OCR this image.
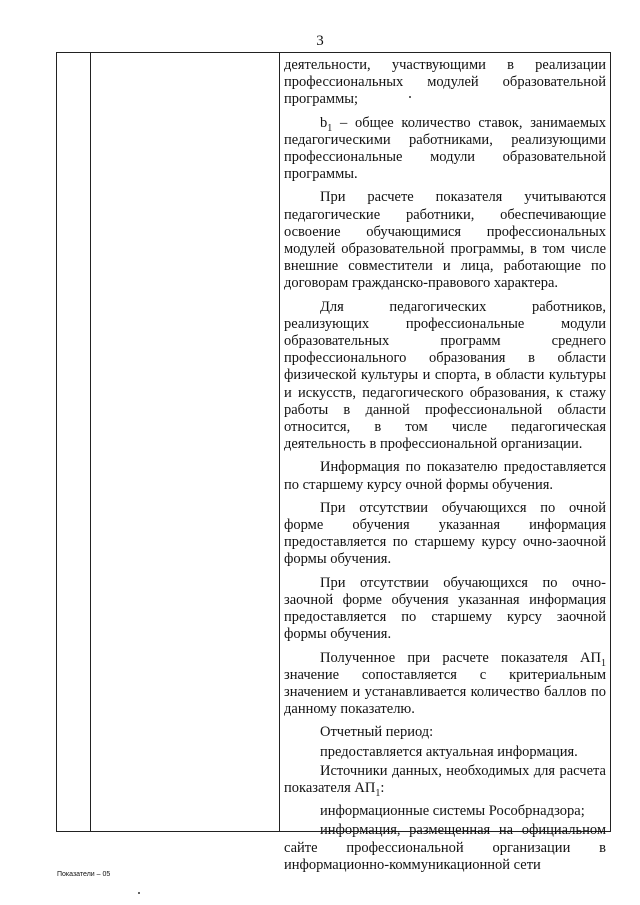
3

деятельности, участвующими в реализации профессиональных модулей образовательной программы;

$b_1$ – общее количество ставок, занимаемых педагогическими работниками, реализующими профессиональные модули образовательной программы.

При расчете показателя учитываются педагогические работники, обеспечивающие освоение обучающимися профессиональных модулей образовательной программы, в том числе внешние совместители и лица, работающие по договорам гражданско-правового характера.

Для педагогических работников, реализующих профессиональные модули образовательных программ среднего профессионального образования в области физической культуры и спорта, в области культуры и искусств, педагогического образования, к стажу работы в данной профессиональной области относится, в том числе педагогическая деятельность в профессиональной организации.

Информация по показателю предоставляется по старшему курсу очной формы обучения.

При отсутствии обучающихся по очной форме обучения указанная информация предоставляется по старшему курсу очно-заочной формы обучения.

При отсутствии обучающихся по очно-заочной форме обучения указанная информация предоставляется по старшему курсу заочной формы обучения.

Полученное при расчете показателя $АП_1$ значение сопоставляется с критериальным значением и устанавливается количество баллов по данному показателю.

Отчетный период:

предоставляется актуальная информация.

Источники данных, необходимых для расчета показателя $АП_1$:

информационные системы Рособрнадзора;

информация, размещенная на официальном сайте профессиональной организации в информационно-коммуникационной сети

Показатели – 05
